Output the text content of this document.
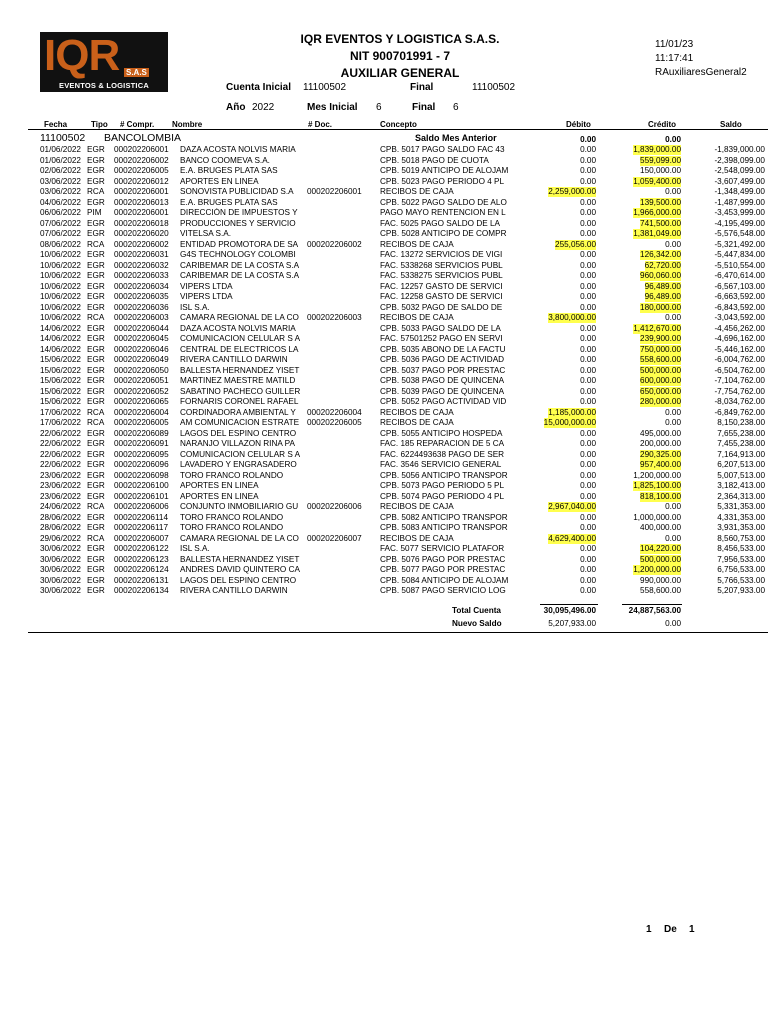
IQR S.A.S
EVENTOS & LOGISTICA
IQR EVENTOS Y LOGISTICA S.A.S.
NIT 900701991 - 7
AUXILIAR GENERAL
11/01/23
11:17:41
RAuxiliaresGeneral2
Cuenta Inicial 11100502	Final	11100502
Año 2022	Mes Inicial 6	Final 6
Fecha	Tipo # Compr. Nombre	# Doc.	Concepto	Débito	Crédito	Saldo
11100502 BANCOLOMBIA	Saldo Mes Anterior	0.00	0.00
01/06/2022 EGR 000202206001 DAZA ACOSTA NOLVIS MARIA	CPB. 5017 PAGO SALDO FAC 43	0.00	1,839,000.00	-1,839,000.00
01/06/2022 EGR 000202206002 BANCO COOMEVA S.A.	CPB. 5018 PAGO DE CUOTA	0.00	559,099.00	-2,398,099.00
02/06/2022 EGR 000202206005 E.A. BRUGES PLATA SAS	CPB. 5019 ANTICIPO DE ALOJAM	0.00	150,000.00	-2,548,099.00
03/06/2022 EGR 000202206012 APORTES EN LINEA	CPB. 5023 PAGO PERIODO 4 PL	0.00	1,059,400.00	-3,607,499.00
03/06/2022 RCA 000202206001 SONOVISTA PUBLICIDAD S.A	000202206001 RECIBOS DE CAJA	2,259,000.00	0.00	-1,348,499.00
04/06/2022 EGR 000202206013 E.A. BRUGES PLATA SAS	CPB. 5022 PAGO SALDO DE ALO	0.00	139,500.00	-1,487,999.00
06/06/2022 PIM 000202206001 DIRECCIÓN DE IMPUESTOS Y	PAGO MAYO RENTENCION EN L	0.00	1,966,000.00	-3,453,999.00
07/06/2022 EGR 000202206018 PRODUCCIONES Y SERVICIO	FAC. 5025 PAGO SALDO DE LA	0.00	741,500.00	-4,195,499.00
07/06/2022 EGR 000202206020 VITELSA S.A.	CPB. 5028 ANTICIPO DE COMPR	0.00	1,381,049.00	-5,576,548.00
08/06/2022 RCA 000202206002 ENTIDAD PROMOTORA DE SA	000202206002 RECIBOS DE CAJA	255,056.00	0.00	-5,321,492.00
10/06/2022 EGR 000202206031 G4S TECHNOLOGY COLOMBI	FAC. 13272 SERVICIOS DE VIGI	0.00	126,342.00	-5,447,834.00
10/06/2022 EGR 000202206032 CARIBEMAR DE LA COSTA S.A	FAC. 5338268 SERVICIOS PUBL	0.00	62,720.00	-5,510,554.00
10/06/2022 EGR 000202206033 CARIBEMAR DE LA COSTA S.A	FAC. 5338275 SERVICIOS PUBL	0.00	960,060.00	-6,470,614.00
10/06/2022 EGR 000202206034 VIPERS LTDA	FAC. 12257 GASTO DE SERVICI	0.00	96,489.00	-6,567,103.00
10/06/2022 EGR 000202206035 VIPERS LTDA	FAC. 12258 GASTO DE SERVICI	0.00	96,489.00	-6,663,592.00
10/06/2022 EGR 000202206036 ISL S.A.	CPB. 5032 PAGO DE SALDO DE	0.00	180,000.00	-6,843,592.00
10/06/2022 RCA 000202206003 CAMARA REGIONAL DE LA CO 000202206003 RECIBOS DE CAJA	3,800,000.00	0.00	-3,043,592.00
14/06/2022 EGR 000202206044 DAZA ACOSTA NOLVIS MARIA	CPB. 5033 PAGO SALDO DE LA	0.00	1,412,670.00	-4,456,262.00
14/06/2022 EGR 000202206045 COMUNICACION CELULAR S A	FAC. 57501252 PAGO EN SERVI	0.00	239,900.00	-4,696,162.00
14/06/2022 EGR 000202206046 CENTRAL DE ELECTRICOS LA	CPB. 5035 ABONO DE LA FACTU	0.00	750,000.00	-5,446,162.00
15/06/2022 EGR 000202206049 RIVERA CANTILLO DARWIN	CPB. 5036 PAGO DE ACTIVIDAD	0.00	558,600.00	-6,004,762.00
15/06/2022 EGR 000202206050 BALLESTA HERNANDEZ YISET	CPB. 5037 PAGO POR PRESTAC	0.00	500,000.00	-6,504,762.00
15/06/2022 EGR 000202206051 MARTINEZ MAESTRE MATILD	CPB. 5038 PAGO DE QUINCENA	0.00	600,000.00	-7,104,762.00
15/06/2022 EGR 000202206052 SABATINO PACHECO GUILLER	CPB. 5039 PAGO DE QUINCENA	0.00	650,000.00	-7,754,762.00
15/06/2022 EGR 000202206065 FORNARIS CORONEL RAFAEL	CPB. 5052 PAGO ACTIVIDAD VID	0.00	280,000.00	-8,034,762.00
17/06/2022 RCA 000202206004 CORDINADORA AMBIENTAL Y	000202206004 RECIBOS DE CAJA	1,185,000.00	0.00	-6,849,762.00
17/06/2022 RCA 000202206005 AM COMUNICACION ESTRATE 000202206005 RECIBOS DE CAJA	15,000,000.00	0.00	8,150,238.00
22/06/2022 EGR 000202206089 LAGOS DEL ESPINO CENTRO	CPB. 5055 ANTICIPO HOSPEDA	0.00	495,000.00	7,655,238.00
22/06/2022 EGR 000202206091 NARANJO VILLAZON RINA PA	FAC. 185 REPARACION DE 5 CA	0.00	200,000.00	7,455,238.00
22/06/2022 EGR 000202206095 COMUNICACION CELULAR S A	FAC. 6224493638 PAGO DE SER	0.00	290,325.00	7,164,913.00
22/06/2022 EGR 000202206096 LAVADERO Y ENGRASADERO	FAC. 3546 SERVICIO GENERAL	0.00	957,400.00	6,207,513.00
23/06/2022 EGR 000202206098 TORO FRANCO ROLANDO	CPB. 5056 ANTICIPO TRANSPOR	0.00	1,200,000.00	5,007,513.00
23/06/2022 EGR 000202206100 APORTES EN LINEA	CPB. 5073 PAGO PERIODO 5 PL	0.00	1,825,100.00	3,182,413.00
23/06/2022 EGR 000202206101 APORTES EN LINEA	CPB. 5074 PAGO PERIODO 4 PL	0.00	818,100.00	2,364,313.00
24/06/2022 RCA 000202206006 CONJUNTO INMOBILIARIO GU	000202206006 RECIBOS DE CAJA	2,967,040.00	0.00	5,331,353.00
28/06/2022 EGR 000202206114 TORO FRANCO ROLANDO	CPB. 5082 ANTICIPO TRANSPOR	0.00	1,000,000.00	4,331,353.00
28/06/2022 EGR 000202206117 TORO FRANCO ROLANDO	CPB. 5083 ANTICIPO TRANSPOR	0.00	400,000.00	3,931,353.00
29/06/2022 RCA 000202206007 CAMARA REGIONAL DE LA CO 000202206007 RECIBOS DE CAJA	4,629,400.00	0.00	8,560,753.00
30/06/2022 EGR 000202206122 ISL S.A.	FAC. 5077 SERVICIO PLATAFOR	0.00	104,220.00	8,456,533.00
30/06/2022 EGR 000202206123 BALLESTA HERNANDEZ YISET	CPB. 5076 PAGO POR PRESTAC	0.00	500,000.00	7,956,533.00
30/06/2022 EGR 000202206124 ANDRES DAVID QUINTERO CA	CPB. 5077 PAGO POR PRESTAC	0.00	1,200,000.00	6,756,533.00
30/06/2022 EGR 000202206131 LAGOS DEL ESPINO CENTRO	CPB. 5084 ANTICIPO DE ALOJAM	0.00	990,000.00	5,766,533.00
30/06/2022 EGR 000202206134 RIVERA CANTILLO DARWIN	CPB. 5087 PAGO SERVICIO LOG	0.00	558,600.00	5,207,933.00
Total Cuenta	30,095,496.00	24,887,563.00
Nuevo Saldo	5,207,933.00	0.00
1 De 1
